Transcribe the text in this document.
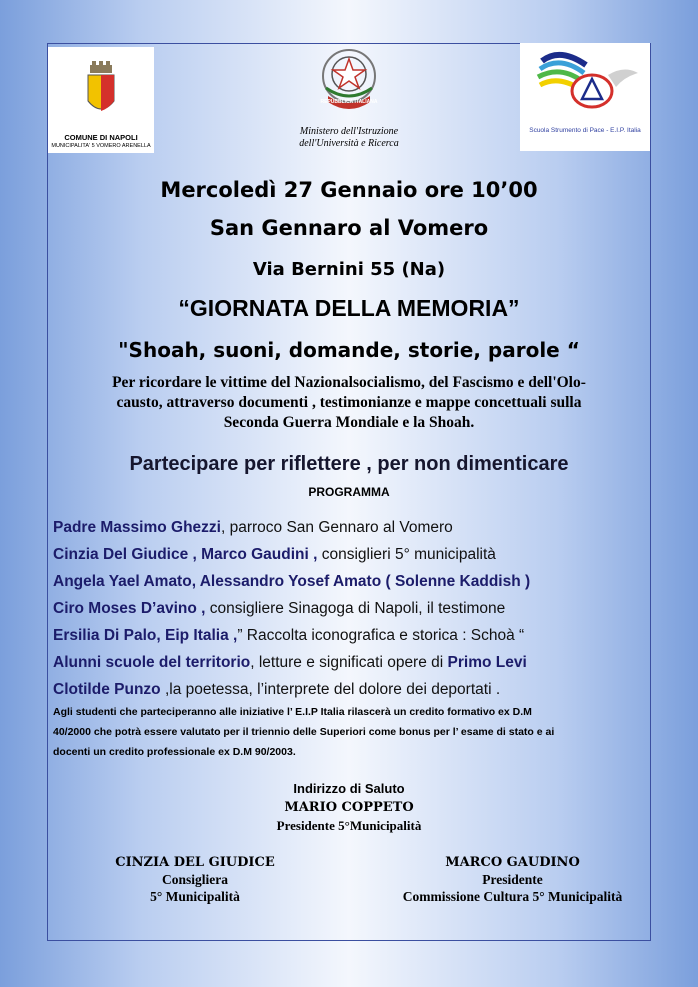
COMUNE DI NAPOLI
MUNICIPALITA' 5 VOMERO ARENELLA
REPUBBLICA ITALIANA
Ministero dell'Istruzione
dell'Università e Ricerca
Scuola Strumento di Pace - E.I.P. Italia
Mercoledì 27 Gennaio ore 10’00
San Gennaro al Vomero
Via Bernini 55 (Na)
“GIORNATA DELLA MEMORIA”
"Shoah, suoni, domande, storie, parole “
Per ricordare le vittime del Nazionalsocialismo, del Fascismo e dell'Olo-
causto, attraverso documenti , testimonianze e mappe concettuali sulla
Seconda Guerra Mondiale e la Shoah.
Partecipare per riflettere , per non dimenticare
PROGRAMMA
Padre Massimo Ghezzi, parroco San Gennaro al Vomero
Cinzia Del Giudice , Marco Gaudini , consiglieri 5° municipalità
Angela Yael Amato, Alessandro Yosef Amato ( Solenne Kaddish )
Ciro Moses D’avino , consigliere Sinagoga di Napoli, il testimone
Ersilia Di Palo, Eip Italia ,” Raccolta iconografica e storica : Schoà “
Alunni scuole del territorio, letture e significati opere di Primo Levi
Clotilde Punzo ,la poetessa, l’interprete del dolore dei deportati .
Agli studenti che parteciperanno alle iniziative l’ E.I.P Italia rilascerà un credito formativo ex D.M
40/2000 che potrà essere valutato per il triennio delle Superiori come bonus per l’ esame di stato e ai
docenti un credito professionale ex D.M 90/2003.
Indirizzo di Saluto
MARIO COPPETO
Presidente 5°Municipalità
CINZIA DEL GIUDICE
Consigliera
5° Municipalità
MARCO GAUDINO
Presidente
Commissione Cultura 5° Municipalità
